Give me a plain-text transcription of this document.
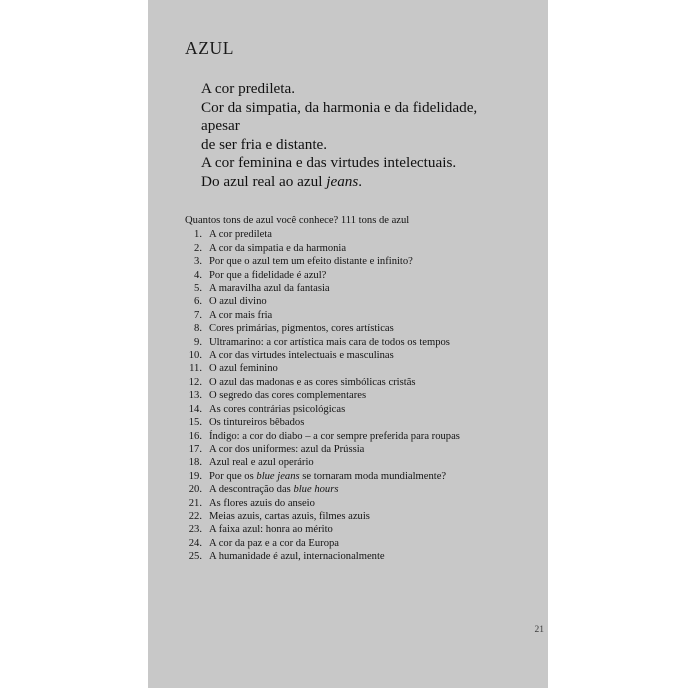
AZUL
A cor predileta.
Cor da simpatia, da harmonia e da fidelidade, apesar
de ser fria e distante.
A cor feminina e das virtudes intelectuais.
Do azul real ao azul jeans.
Quantos tons de azul você conhece? 111 tons de azul
1. A cor predileta
2. A cor da simpatia e da harmonia
3. Por que o azul tem um efeito distante e infinito?
4. Por que a fidelidade é azul?
5. A maravilha azul da fantasia
6. O azul divino
7. A cor mais fria
8. Cores primárias, pigmentos, cores artísticas
9. Ultramarino: a cor artística mais cara de todos os tempos
10. A cor das virtudes intelectuais e masculinas
11. O azul feminino
12. O azul das madonas e as cores simbólicas cristãs
13. O segredo das cores complementares
14. As cores contrárias psicológicas
15. Os tintureiros bêbados
16. Índigo: a cor do diabo – a cor sempre preferida para roupas
17. A cor dos uniformes: azul da Prússia
18. Azul real e azul operário
19. Por que os blue jeans se tornaram moda mundialmente?
20. A descontração das blue hours
21. As flores azuis do anseio
22. Meias azuis, cartas azuis, filmes azuis
23. A faixa azul: honra ao mérito
24. A cor da paz e a cor da Europa
25. A humanidade é azul, internacionalmente
21
